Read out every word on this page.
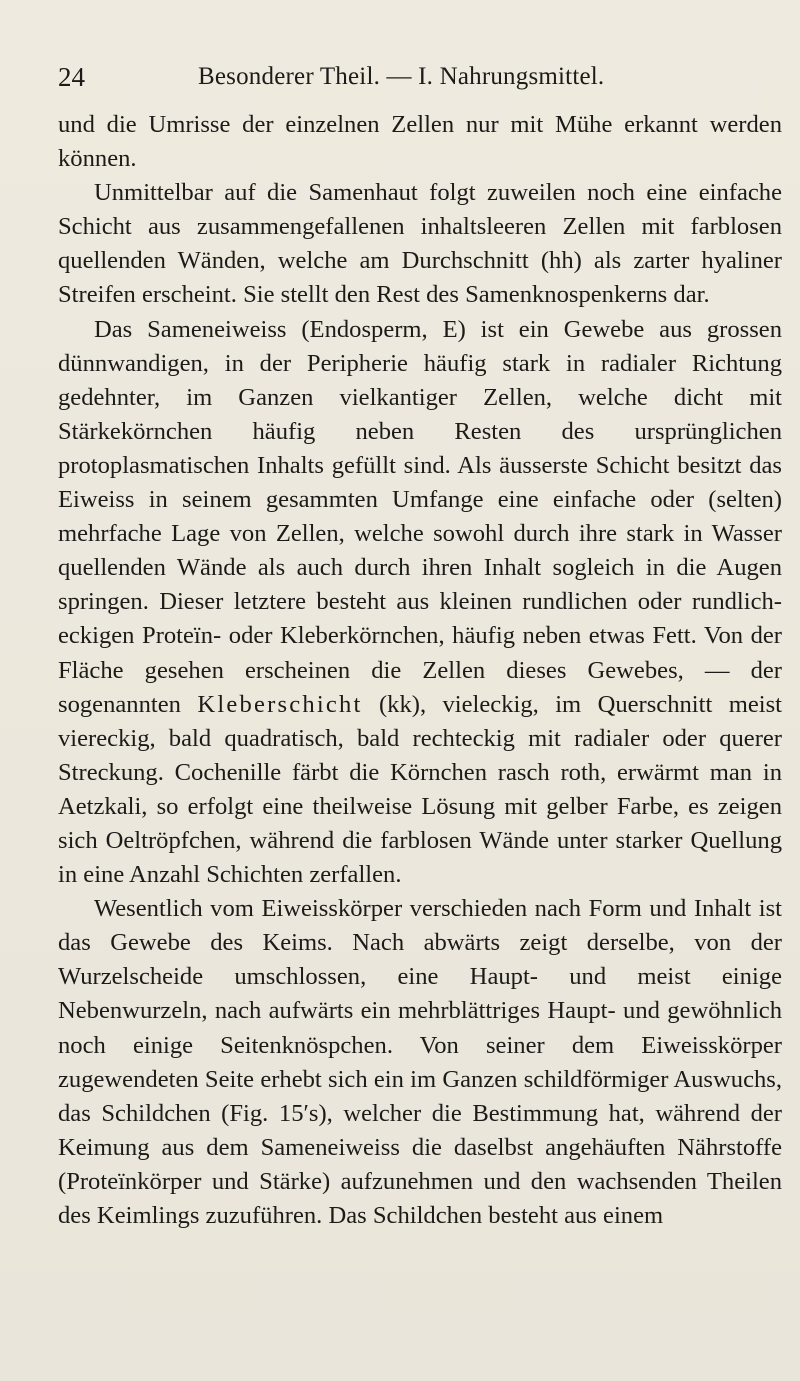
24	Besonderer Theil. — I. Nahrungsmittel.

und die Umrisse der einzelnen Zellen nur mit Mühe erkannt werden können.

Unmittelbar auf die Samenhaut folgt zuweilen noch eine einfache Schicht aus zusammengefallenen inhaltsleeren Zellen mit farblosen quellenden Wänden, welche am Durchschnitt (hh) als zarter hyaliner Streifen erscheint. Sie stellt den Rest des Samenknospenkerns dar.

Das Sameneiweiss (Endosperm, E) ist ein Gewebe aus grossen dünnwandigen, in der Peripherie häufig stark in radialer Richtung gedehnter, im Ganzen vielkantiger Zellen, welche dicht mit Stärkekörnchen häufig neben Resten des ursprünglichen protoplasmatischen Inhalts gefüllt sind. Als äusserste Schicht besitzt das Eiweiss in seinem gesammten Umfange eine einfache oder (selten) mehrfache Lage von Zellen, welche sowohl durch ihre stark in Wasser quellenden Wände als auch durch ihren Inhalt sogleich in die Augen springen. Dieser letztere besteht aus kleinen rundlichen oder rundlich-eckigen Proteïn- oder Kleberkörnchen, häufig neben etwas Fett. Von der Fläche gesehen erscheinen die Zellen dieses Gewebes, — der sogenannten Kleberschicht (kk), vieleckig, im Querschnitt meist viereckig, bald quadratisch, bald rechteckig mit radialer oder querer Streckung. Cochenille färbt die Körnchen rasch roth, erwärmt man in Aetzkali, so erfolgt eine theilweise Lösung mit gelber Farbe, es zeigen sich Oeltröpfchen, während die farblosen Wände unter starker Quellung in eine Anzahl Schichten zerfallen.

Wesentlich vom Eiweisskörper verschieden nach Form und Inhalt ist das Gewebe des Keims. Nach abwärts zeigt derselbe, von der Wurzelscheide umschlossen, eine Haupt- und meist einige Nebenwurzeln, nach aufwärts ein mehrblättriges Haupt- und gewöhnlich noch einige Seitenknöspchen. Von seiner dem Eiweisskörper zugewendeten Seite erhebt sich ein im Ganzen schildförmiger Auswuchs, das Schildchen (Fig. 15′s), welcher die Bestimmung hat, während der Keimung aus dem Sameneiweiss die daselbst angehäuften Nährstoffe (Proteïnkörper und Stärke) aufzunehmen und den wachsenden Theilen des Keimlings zuzuführen. Das Schildchen besteht aus einem
